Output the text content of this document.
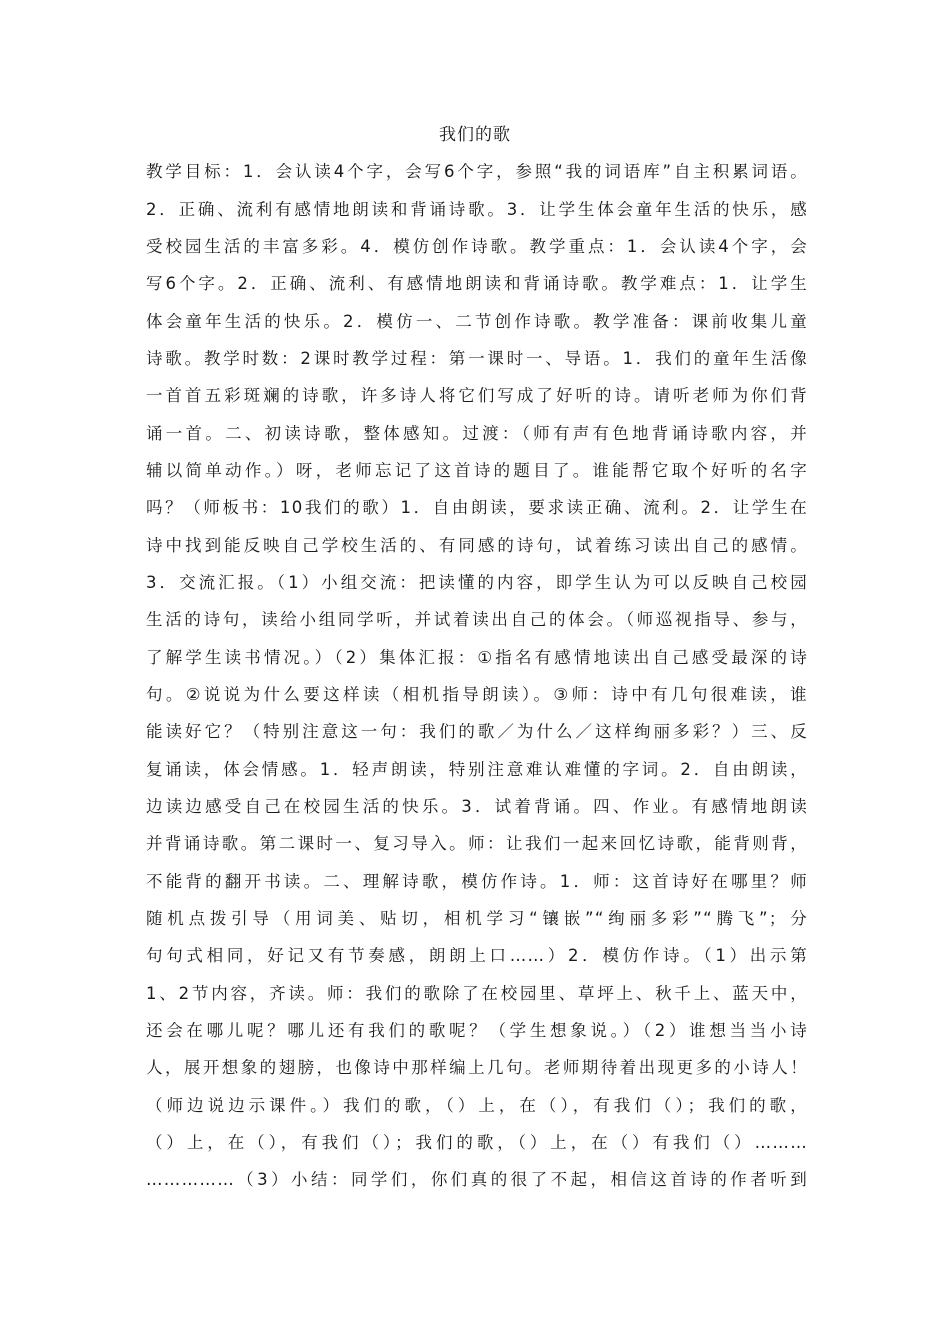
我们的歌
教学目标：1．会认读4个字，会写6个字，参照“我的词语库”自主积累词语。
2．正确、流利有感情地朗读和背诵诗歌。3．让学生体会童年生活的快乐，感
受校园生活的丰富多彩。4．模仿创作诗歌。教学重点：1．会认读4个字，会
写6个字。2．正确、流利、有感情地朗读和背诵诗歌。教学难点：1．让学生
体会童年生活的快乐。2．模仿一、二节创作诗歌。教学准备：课前收集儿童
诗歌。教学时数：2课时教学过程：第一课时一、导语。1．我们的童年生活像
一首首五彩斑斓的诗歌，许多诗人将它们写成了好听的诗。请听老师为你们背
诵一首。二、初读诗歌，整体感知。过渡：（师有声有色地背诵诗歌内容，并
辅以简单动作。）呀，老师忘记了这首诗的题目了。谁能帮它取个好听的名字
吗？（师板书：10我们的歌）1．自由朗读，要求读正确、流利。2．让学生在
诗中找到能反映自己学校生活的、有同感的诗句，试着练习读出自己的感情。
3．交流汇报。（1）小组交流：把读懂的内容，即学生认为可以反映自己校园
生活的诗句，读给小组同学听，并试着读出自己的体会。（师巡视指导、参与，
了解学生读书情况。）（2）集体汇报：①指名有感情地读出自己感受最深的诗
句。②说说为什么要这样读（相机指导朗读）。③师：诗中有几句很难读，谁
能读好它？（特别注意这一句：我们的歌／为什么／这样绚丽多彩？）三、反
复诵读，体会情感。1．轻声朗读，特别注意难认难懂的字词。2．自由朗读，
边读边感受自己在校园生活的快乐。3．试着背诵。四、作业。有感情地朗读
并背诵诗歌。第二课时一、复习导入。师：让我们一起来回忆诗歌，能背则背，
不能背的翻开书读。二、理解诗歌，模仿作诗。1．师：这首诗好在哪里？师
随机点拨引导（用词美、贴切，相机学习“镶嵌”“绚丽多彩”“腾飞”；分
句句式相同，好记又有节奏感，朗朗上口……）2．模仿作诗。（1）出示第
1、2节内容，齐读。师：我们的歌除了在校园里、草坪上、秋千上、蓝天中，
还会在哪儿呢？哪儿还有我们的歌呢？（学生想象说。）（2）谁想当当小诗
人，展开想象的翅膀，也像诗中那样编上几句。老师期待着出现更多的小诗人！
（师边说边示课件。）我们的歌，（）上，在（），有我们（）；我们的歌，
（）上，在（），有我们（）；我们的歌，（）上，在（）有我们（）………
……………（3）小结：同学们，你们真的很了不起，相信这首诗的作者听到
